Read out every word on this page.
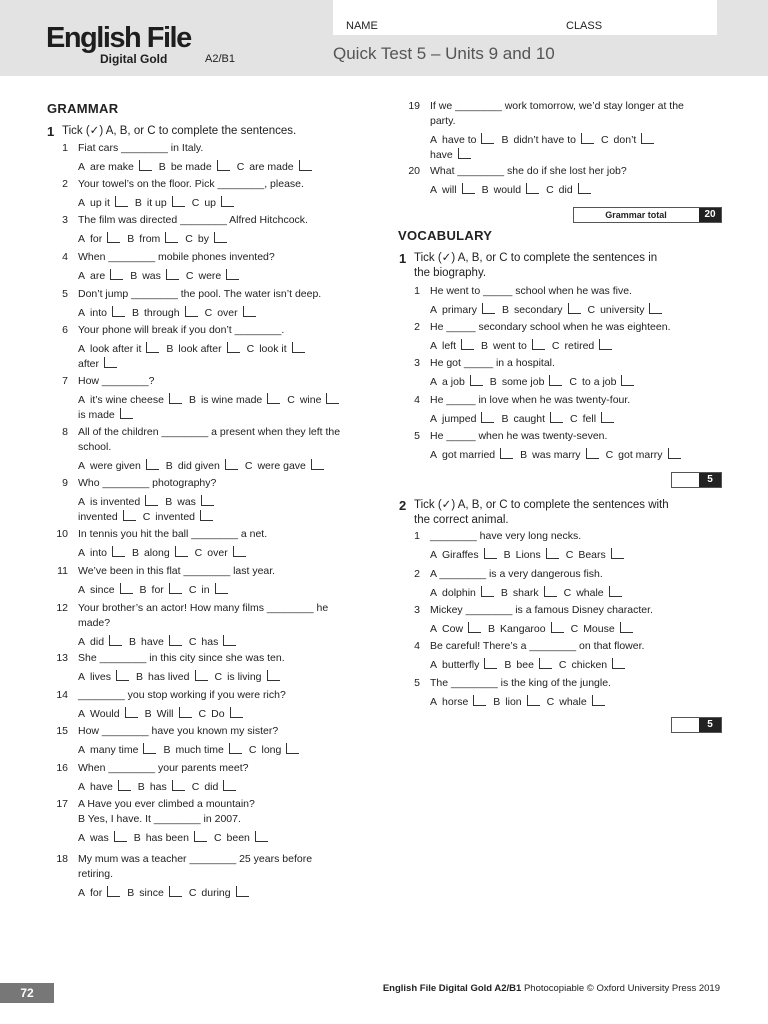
English File
Digital Gold	A2/B1
NAME	CLASS
Quick Test 5 – Units 9 and 10
GRAMMAR
1 Tick (✓) A, B, or C to complete the sentences.
1 Fiat cars ________ in Italy.
A are make B be made C are made
2 Your towel’s on the floor. Pick ________, please.
A up it B it up C up
3 The film was directed ________ Alfred Hitchcock.
A for B from C by
4 When ________ mobile phones invented?
A are B was C were
5 Don’t jump ________ the pool. The water isn’t deep.
A into B through C over
6 Your phone will break if you don’t ________.
A look after it B look after C look it
after
7 How ________?
A it’s wine cheese B is wine made C wine
is made
8 All of the children ________ a present when they left the
school.
A were given B did given C were gave
9 Who ________ photography?
A is invented B was
invented C invented
10 In tennis you hit the ball ________ a net.
A into B along C over
11 We’ve been in this flat ________ last year.
A since B for C in
12 Your brother’s an actor! How many films ________ he
made?
A did B have C has
13 She ________ in this city since she was ten.
A lives B has lived C is living
14 ________ you stop working if you were rich?
A Would B Will C Do
15 How ________ have you known my sister?
A many time B much time C long
16 When ________ your parents meet?
A have B has C did
17 A Have you ever climbed a mountain?
B Yes, I have. It ________ in 2007.
A was B has been C been
18 My mum was a teacher ________ 25 years before
retiring.
A for B since C during
19 If we ________ work tomorrow, we’d stay longer at the
party.
A have to B didn’t have to C don’t
have
20 What ________ she do if she lost her job?
A will B would C did
Grammar total	20
VOCABULARY
1 Tick (✓) A, B, or C to complete the sentences in
the biography.
1 He went to _____ school when he was five.
A primary B secondary C university
2 He _____ secondary school when he was eighteen.
A left B went to C retired
3 He got _____ in a hospital.
A a job B some job C to a job
4 He _____ in love when he was twenty-four.
A jumped B caught C fell
5 He _____ when he was twenty-seven.
A got married B was marry C got marry
5
2 Tick (✓) A, B, or C to complete the sentences with
the correct animal.
1 ________ have very long necks.
A Giraffes B Lions C Bears
2 A ________ is a very dangerous fish.
A dolphin B shark C whale
3 Mickey ________ is a famous Disney character.
A Cow B Kangaroo C Mouse
4 Be careful! There’s a ________ on that flower.
A butterfly B bee C chicken
5 The ________ is the king of the jungle.
A horse B lion C whale
5
72	English File Digital Gold A2/B1 Photocopiable © Oxford University Press 2019
